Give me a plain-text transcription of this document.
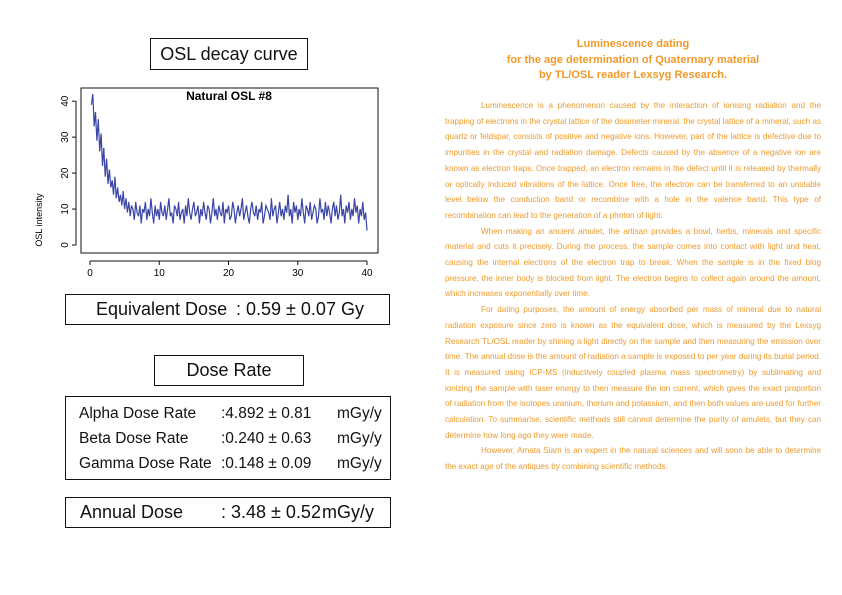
OSL decay curve
Natural OSL #8
OSL intensity
0	10	20	30	40
0
10
20
30
40
Equivalent Dose : 0.59 ± 0.07 Gy
Dose Rate
Alpha Dose Rate :4.892 ± 0.81 mGy/y
Beta Dose Rate :0.240 ± 0.63 mGy/y
Gamma Dose Rate :0.148 ± 0.09 mGy/y
Annual Dose : 3.48 ± 0.52 mGy/y
Luminescence dating
for the age determination of Quaternary material
by TL/OSL reader Lexsyg Research.

Luminescence is a phenomenon caused by the interaction of ionising radiation and the trapping of electrons in the crystal lattice of the dosimeter mineral. the crystal lattice of a mineral, such as quartz or feldspar, consists of positive and negative ions. However, part of the lattice is defective due to impurities in the crystal and radiation damage. Defects caused by the absence of a negative ion are known as electron traps. Once trapped, an electron remains in the defect until it is released by thermally or optically induced vibrations of the lattice. Once free, the electron can be transferred to an unstable level below the conduction band or recombine with a hole in the valence band. This type of recombination can lead to the generation of a photon of light.

When making an ancient amulet, the artisan provides a bowl, herbs, minerals and specific material and cuts it precisely. During the process, the sample comes into contact with light and heat, causing the internal electrons of the electron trap to break. When the sample is in the fixed blog pressure, the inner body is blocked from light. The electron begins to collect again around the amount, which increases exponentially over time.

For dating purposes, the amount of energy absorbed per mass of mineral due to natural radiation exposure since zero is known as the equivalent dose, which is measured by the Lexsyg Research TL/OSL reader by shining a light directly on the sample and then measuring the emission over time. The annual dose is the amount of radiation a sample is exposed to per year during its burial period. It is measured using ICP-MS (inductively coupled plasma mass spectrometry) by sublimating and ionizing the sample with laser energy to then measure the ion current, which gives the exact proportion of radiation from the isotopes uranium, thorium and potassium, and then both values are used for further calculation. To summarise, scientific methods still cannot determine the purity of amulets, but they can determine how long ago they were made.

However, Amata Siam is an expert in the natural sciences and will soon be able to determine the exact age of the antiques by combining scientific methods.
